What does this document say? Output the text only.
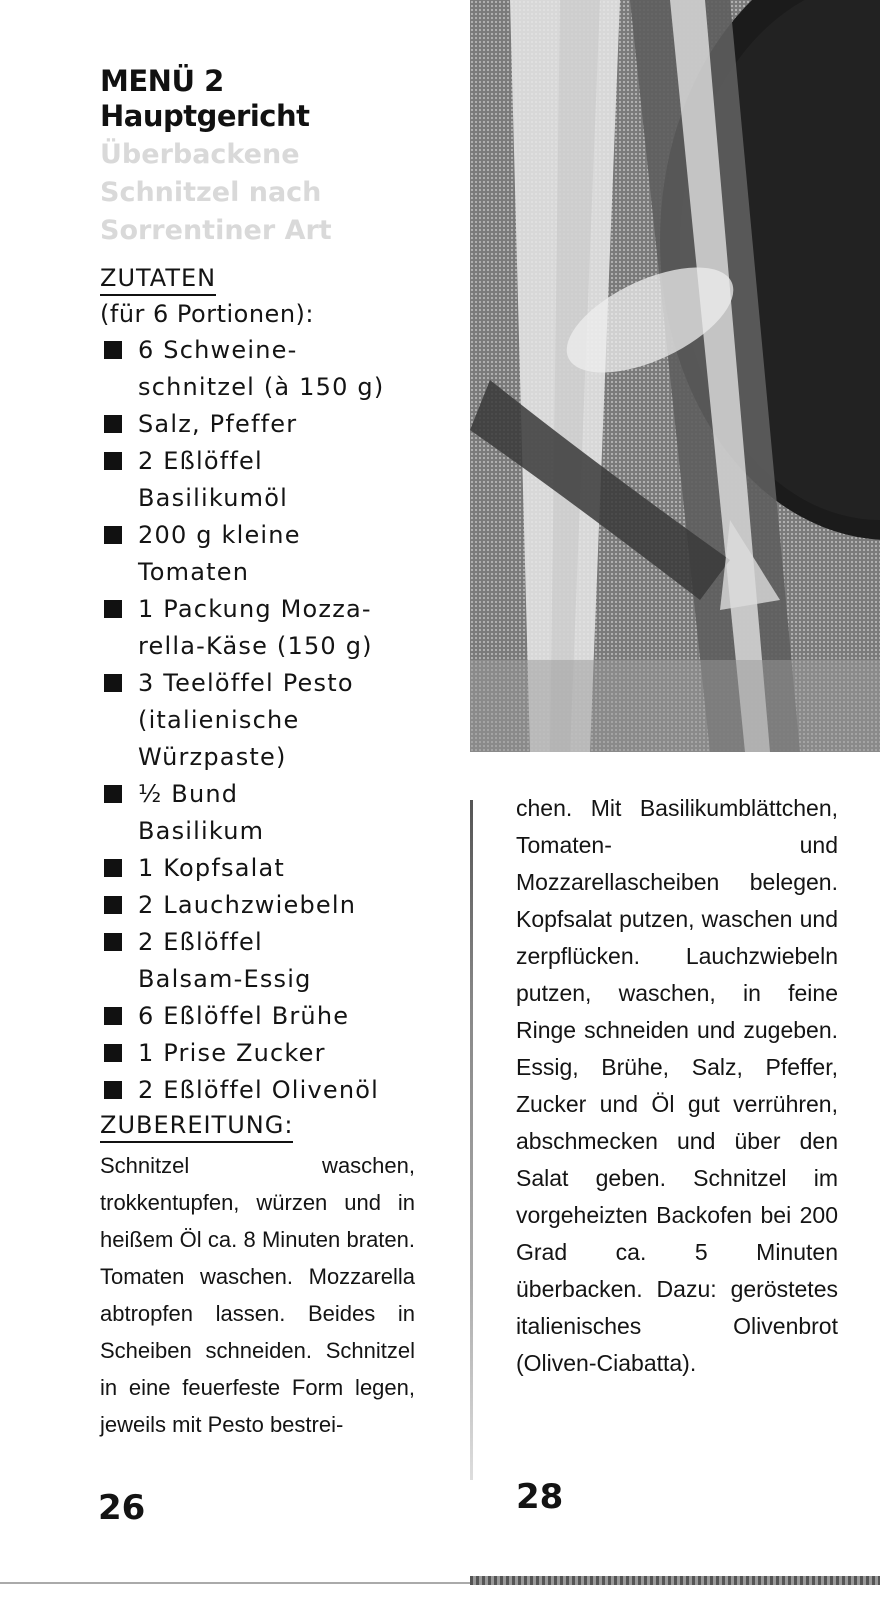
MENÜ 2
Hauptgericht
Überbackene
Schnitzel nach
Sorrentiner Art
ZUTATEN
(für 6 Portionen):
6 Schweine-
schnitzel (à 150 g)
Salz, Pfeffer
2 Eßlöffel
Basilikumöl
200 g kleine
Tomaten
1 Packung Mozza-
rella-Käse (150 g)
3 Teelöffel Pesto
(italienische
Würzpaste)
½ Bund
Basilikum
1 Kopfsalat
2 Lauchzwiebeln
2 Eßlöffel
Balsam-Essig
6 Eßlöffel Brühe
1 Prise Zucker
2 Eßlöffel Olivenöl
ZUBEREITUNG:
Schnitzel waschen, trokkentupfen, würzen und in heißem Öl ca. 8 Minuten braten. Tomaten waschen. Mozzarella abtropfen lassen. Beides in Scheiben schneiden. Schnitzel in eine feuerfeste Form legen, jeweils mit Pesto bestrei-
chen. Mit Basilikumblättchen, Tomaten- und Mozzarellascheiben belegen. Kopfsalat putzen, waschen und zerpflücken. Lauchzwiebeln putzen, waschen, in feine Ringe schneiden und zugeben. Essig, Brühe, Salz, Pfeffer, Zucker und Öl gut verrühren, abschmecken und über den Salat geben. Schnitzel im vorgeheizten Backofen bei 200 Grad ca. 5 Minuten überbacken. Dazu: geröstetes italienisches Olivenbrot (Oliven-Ciabatta).
26	28
